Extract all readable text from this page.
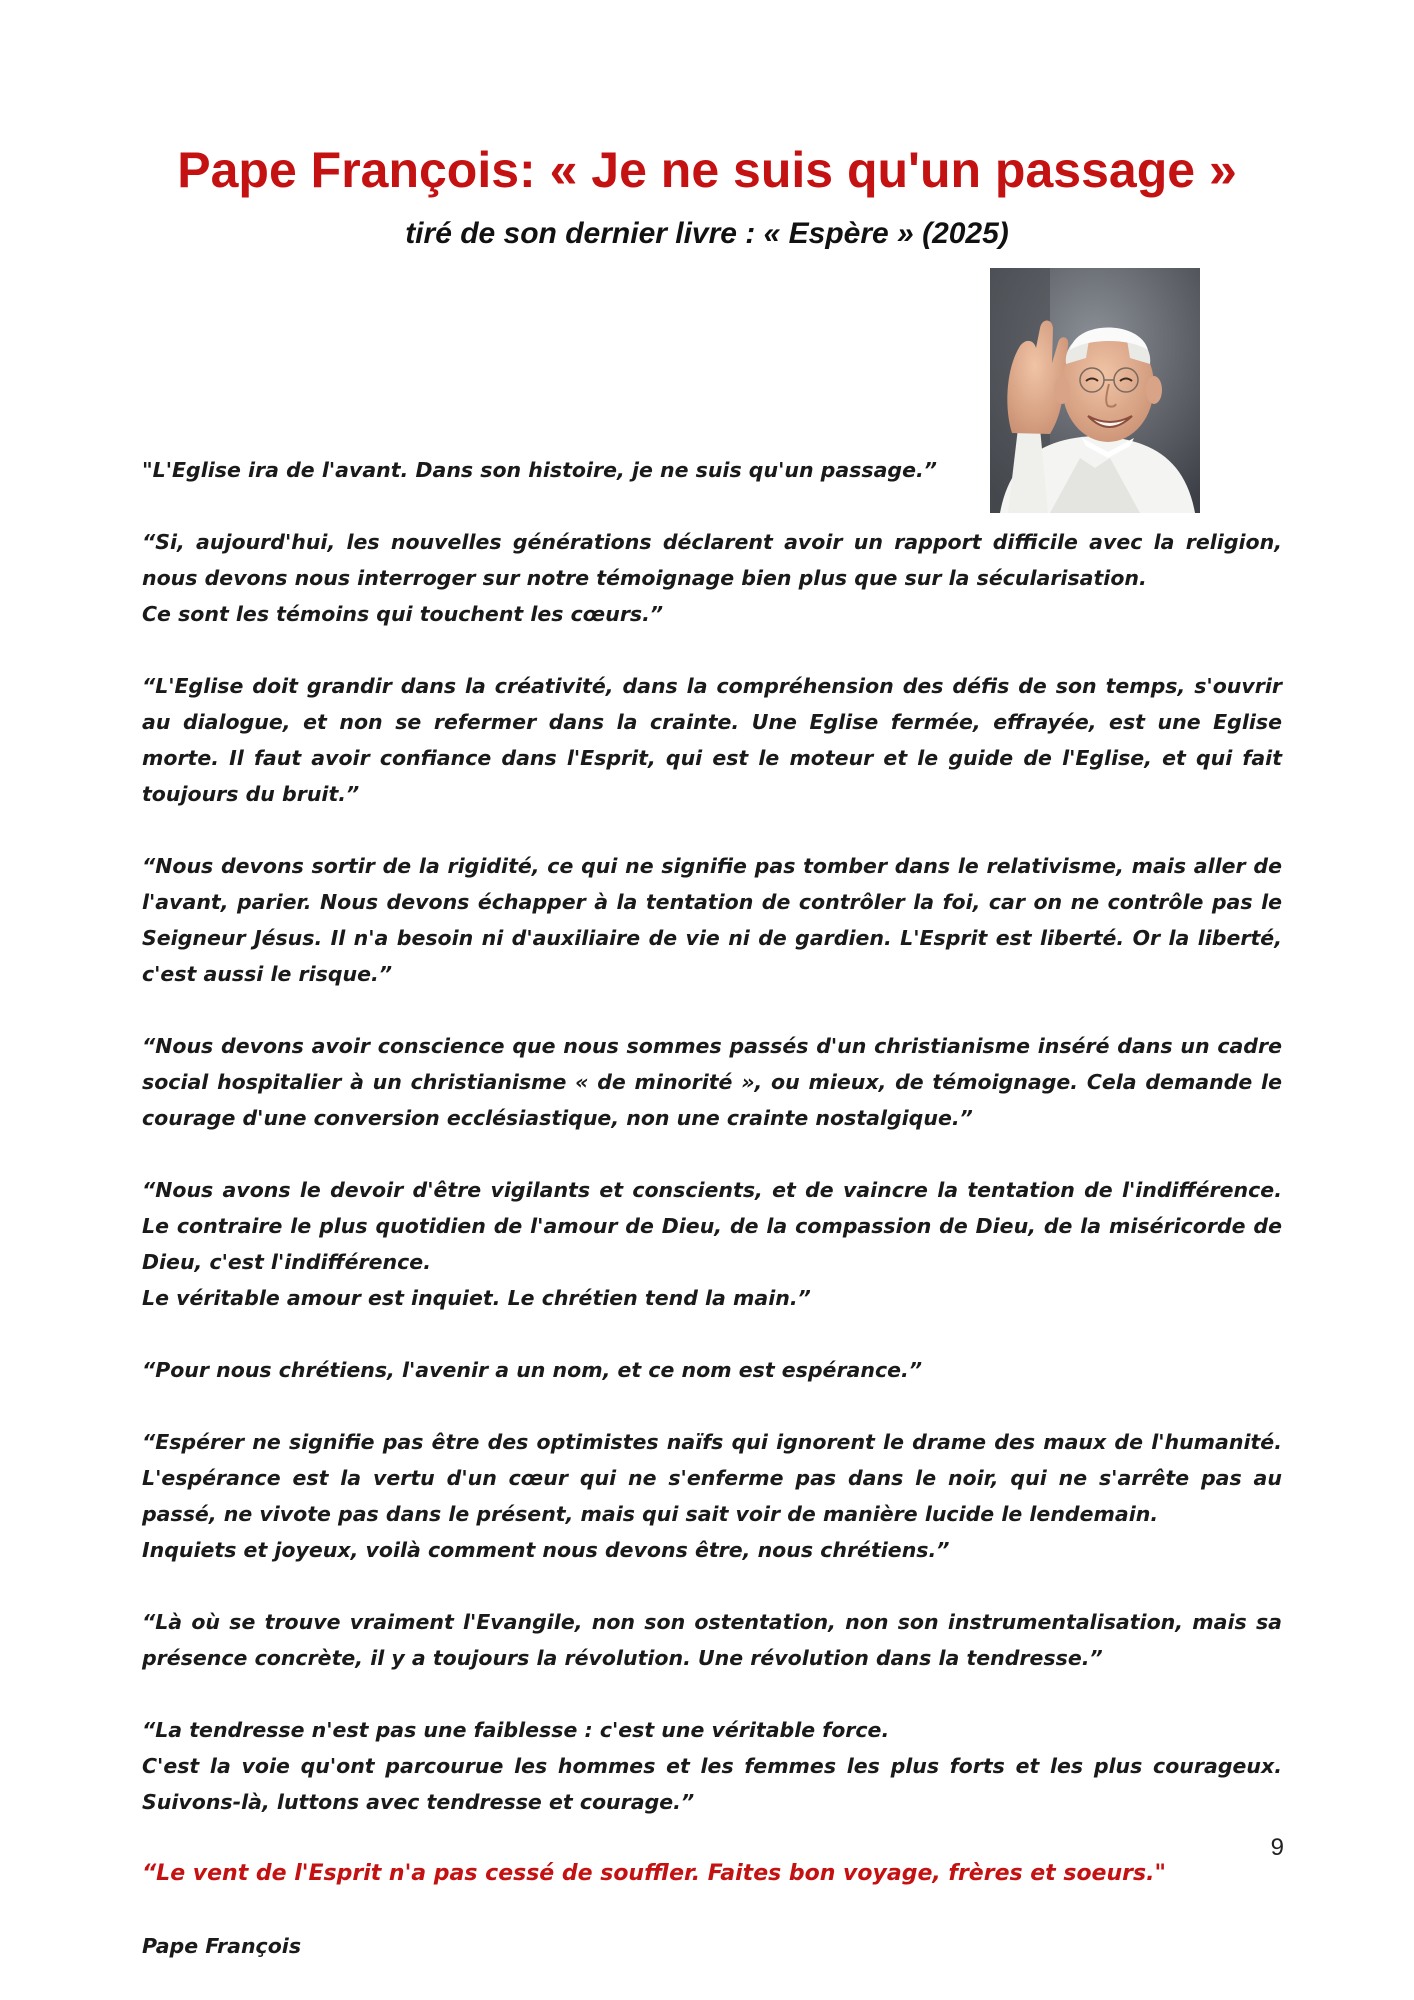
Pape François: « Je ne suis qu'un passage »
tiré de son dernier livre : « Espère » (2025)

"L'Eglise ira de l'avant. Dans son histoire, je ne suis qu'un passage.”

“Si, aujourd'hui, les nouvelles générations déclarent avoir un rapport difficile avec la religion, nous devons nous interroger sur notre témoignage bien plus que sur la sécularisation.
Ce sont les témoins qui touchent les cœurs.”

“L'Eglise doit grandir dans la créativité, dans la compréhension des défis de son temps, s'ouvrir au dialogue, et non se refermer dans la crainte. Une Eglise fermée, effrayée, est une Eglise morte. Il faut avoir confiance dans l'Esprit, qui est le moteur et le guide de l'Eglise, et qui fait toujours du bruit.”

“Nous devons sortir de la rigidité, ce qui ne signifie pas tomber dans le relativisme, mais aller de l'avant, parier. Nous devons échapper à la tentation de contrôler la foi, car on ne contrôle pas le Seigneur Jésus. Il n'a besoin ni d'auxiliaire de vie ni de gardien. L'Esprit est liberté. Or la liberté, c'est aussi le risque.”

“Nous devons avoir conscience que nous sommes passés d'un christianisme inséré dans un cadre social hospitalier à un christianisme « de minorité », ou mieux, de témoignage. Cela demande le courage d'une conversion ecclésiastique, non une crainte nostalgique.”

“Nous avons le devoir d'être vigilants et conscients, et de vaincre la tentation de l'indifférence. Le contraire le plus quotidien de l'amour de Dieu, de la compassion de Dieu, de la miséricorde de Dieu, c'est l'indifférence.
Le véritable amour est inquiet. Le chrétien tend la main.”

“Pour nous chrétiens, l'avenir a un nom, et ce nom est espérance.”

“Espérer ne signifie pas être des optimistes naïfs qui ignorent le drame des maux de l'humanité. L'espérance est la vertu d'un cœur qui ne s'enferme pas dans le noir, qui ne s'arrête pas au passé, ne vivote pas dans le présent, mais qui sait voir de manière lucide le lendemain.
Inquiets et joyeux, voilà comment nous devons être, nous chrétiens.”

“Là où se trouve vraiment l'Evangile, non son ostentation, non son instrumentalisation, mais sa présence concrète, il y a toujours la révolution. Une révolution dans la tendresse.”

“La tendresse n'est pas une faiblesse : c'est une véritable force.
C'est la voie qu'ont parcourue les hommes et les femmes les plus forts et les plus courageux. Suivons-là, luttons avec tendresse et courage.”

“Le vent de l'Esprit n'a pas cessé de souffler. Faites bon voyage, frères et soeurs."

Pape François

9
